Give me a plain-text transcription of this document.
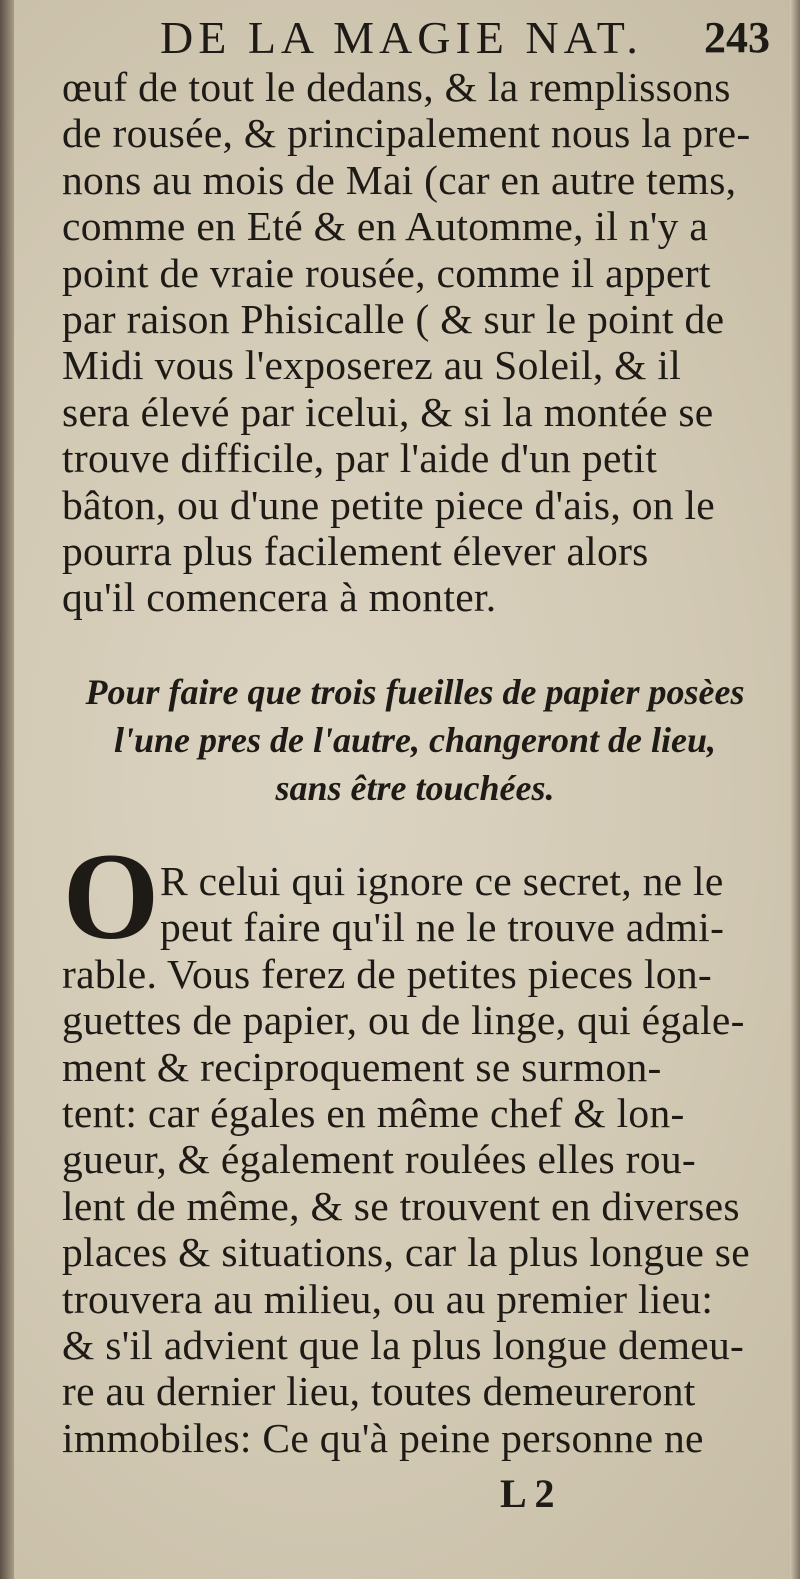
DE LA MAGIE NAT. 243
œuf de tout le dedans, & la remplissons
de rousée, & principalement nous la pre-
nons au mois de Mai (car en autre tems,
comme en Eté & en Automme, il n'y a
point de vraie rousée, comme il appert
par raison Phisicalle ( & sur le point de
Midi vous l'exposerez au Soleil, & il
sera élevé par icelui, & si la montée se
trouve difficile, par l'aide d'un petit
bâton, ou d'une petite piece d'ais, on le
pourra plus facilement élever alors
qu'il comencera à monter.
Pour faire que trois fueilles de papier posèes
l'une pres de l'autre, changeront de lieu,
sans être touchées.
O R celui qui ignore ce secret, ne le
peut faire qu'il ne le trouve admi-
rable. Vous ferez de petites pieces lon-
guettes de papier, ou de linge, qui égale-
ment & reciproquement se surmon-
tent: car égales en même chef & lon-
gueur, & également roulées elles rou-
lent de même, & se trouvent en diverses
places & situations, car la plus longue se
trouvera au milieu, ou au premier lieu:
& s'il advient que la plus longue demeu-
re au dernier lieu, toutes demeureront
immobiles: Ce qu'à peine personne ne
L 2
